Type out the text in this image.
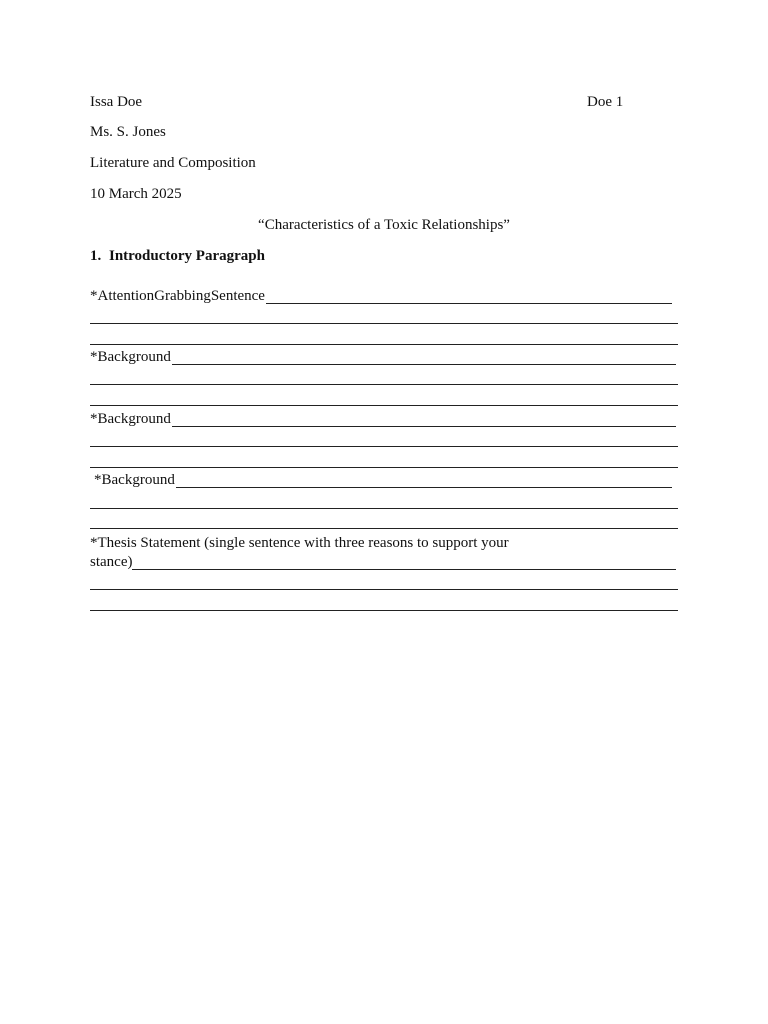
Issa Doe	Doe 1
Ms. S. Jones
Literature and Composition
10 March 2025
“Characteristics of a Toxic Relationships”
1. Introductory Paragraph
*AttentionGrabbingSentence
*Background
*Background
*Background
*Thesis Statement (single sentence with three reasons to support your
stance)
